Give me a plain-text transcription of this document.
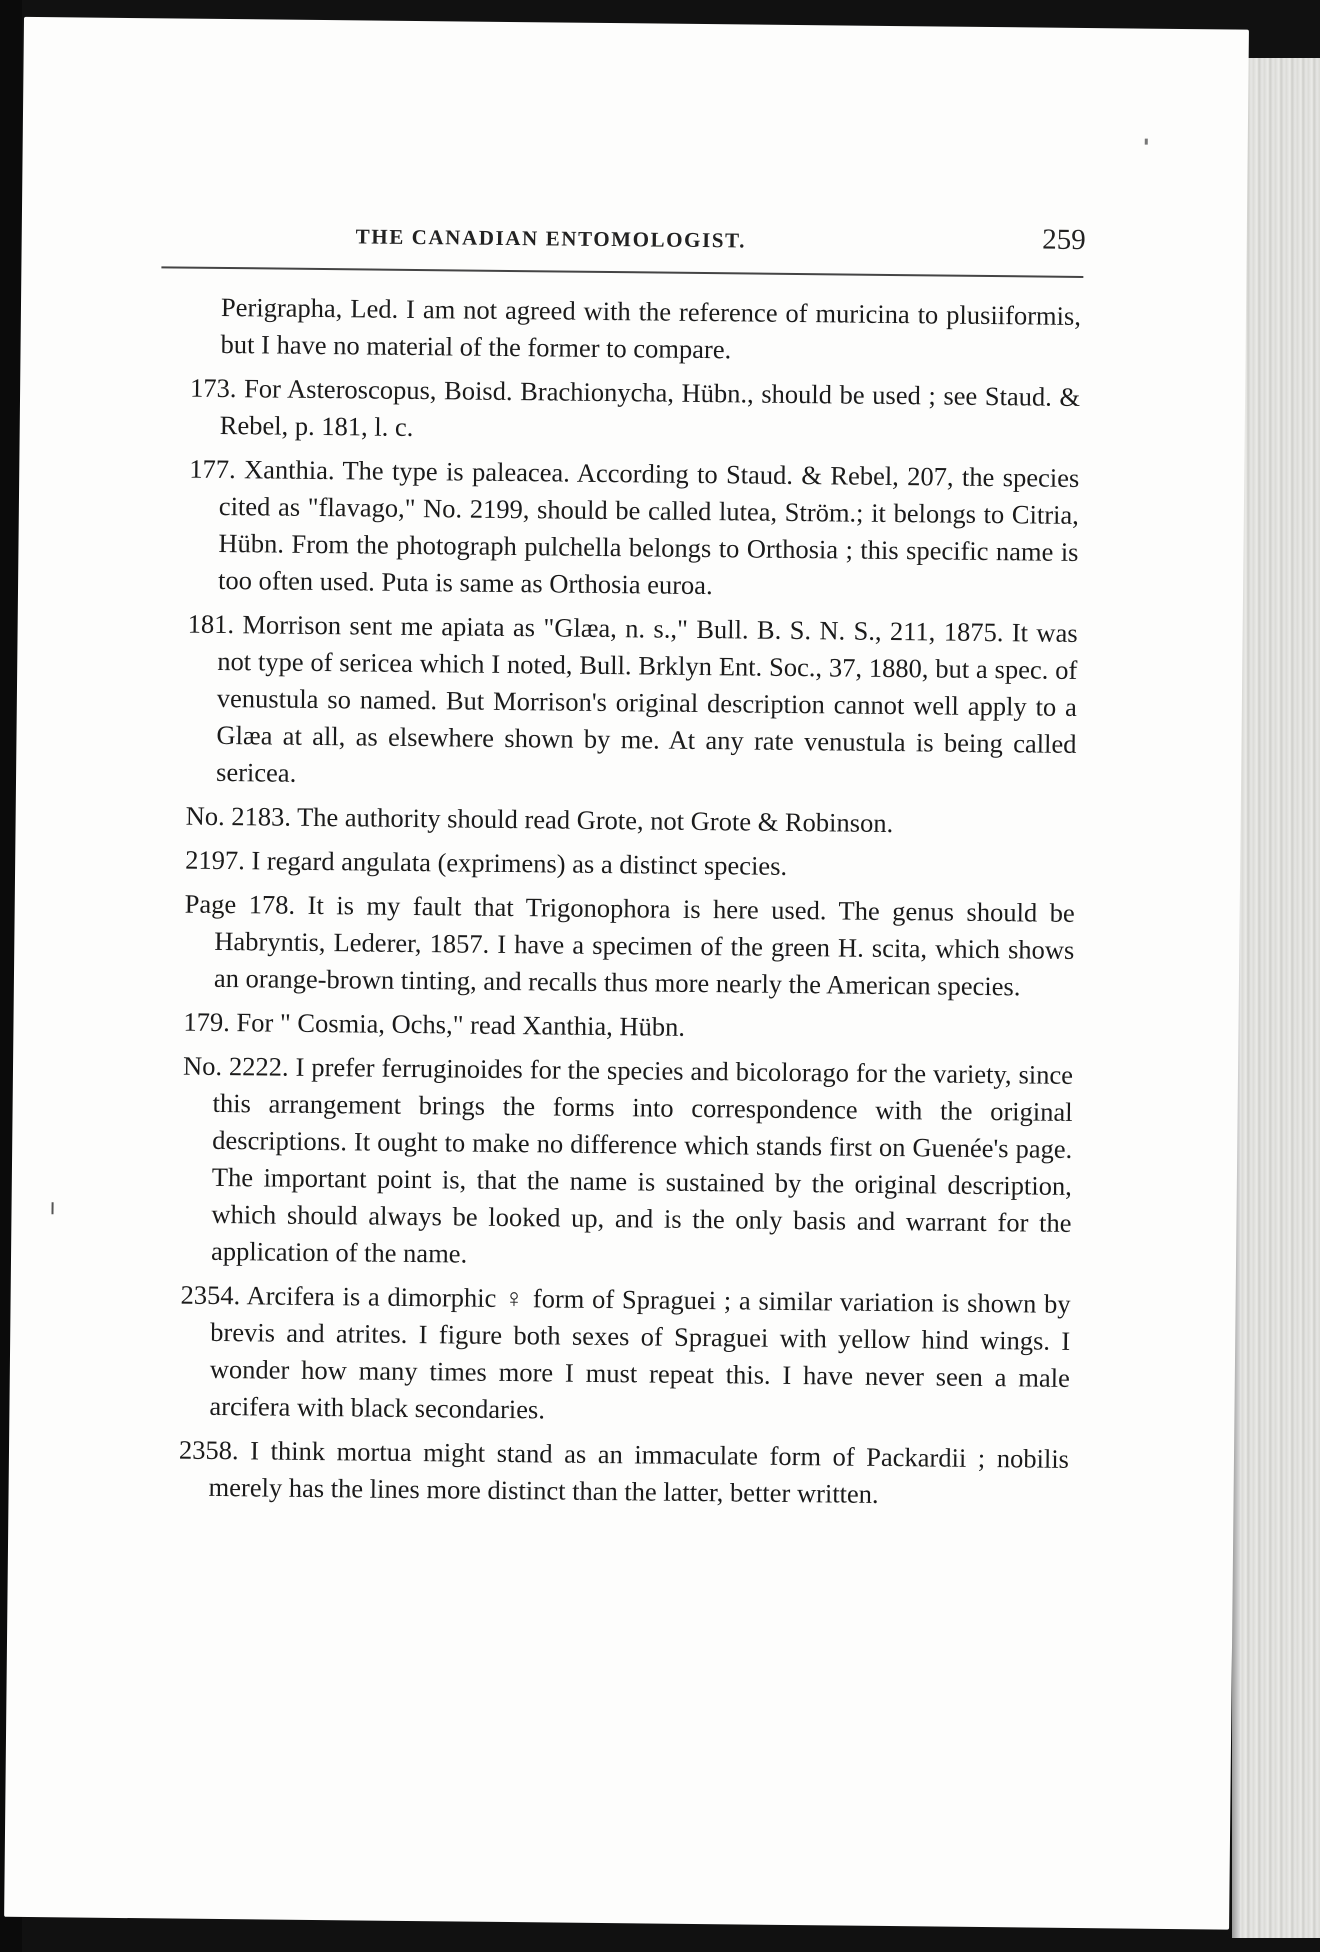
THE CANADIAN ENTOMOLOGIST.	259

Perigrapha, Led. I am not agreed with the reference of muricina to plusiiformis, but I have no material of the former to compare.

173. For Asteroscopus, Boisd. Brachionycha, Hübn., should be used ; see Staud. & Rebel, p. 181, l. c.

177. Xanthia. The type is paleacea. According to Staud. & Rebel, 207, the species cited as "flavago," No. 2199, should be called lutea, Ström.; it belongs to Citria, Hübn. From the photograph pulchella belongs to Orthosia ; this specific name is too often used. Puta is same as Orthosia euroa.

181. Morrison sent me apiata as "Glæa, n. s.," Bull. B. S. N. S., 211, 1875. It was not type of sericea which I noted, Bull. Brklyn Ent. Soc., 37, 1880, but a spec. of venustula so named. But Morrison's original description cannot well apply to a Glæa at all, as elsewhere shown by me. At any rate venustula is being called sericea.

No. 2183. The authority should read Grote, not Grote & Robinson.

2197. I regard angulata (exprimens) as a distinct species.

Page 178. It is my fault that Trigonophora is here used. The genus should be Habryntis, Lederer, 1857. I have a specimen of the green H. scita, which shows an orange-brown tinting, and recalls thus more nearly the American species.

179. For " Cosmia, Ochs," read Xanthia, Hübn.

No. 2222. I prefer ferruginoides for the species and bicolorago for the variety, since this arrangement brings the forms into correspondence with the original descriptions. It ought to make no difference which stands first on Guenée's page. The important point is, that the name is sustained by the original description, which should always be looked up, and is the only basis and warrant for the application of the name.

2354. Arcifera is a dimorphic ♀ form of Spraguei ; a similar variation is shown by brevis and atrites. I figure both sexes of Spraguei with yellow hind wings. I wonder how many times more I must repeat this. I have never seen a male arcifera with black secondaries.

2358. I think mortua might stand as an immaculate form of Packardii ; nobilis merely has the lines more distinct than the latter, better written.
